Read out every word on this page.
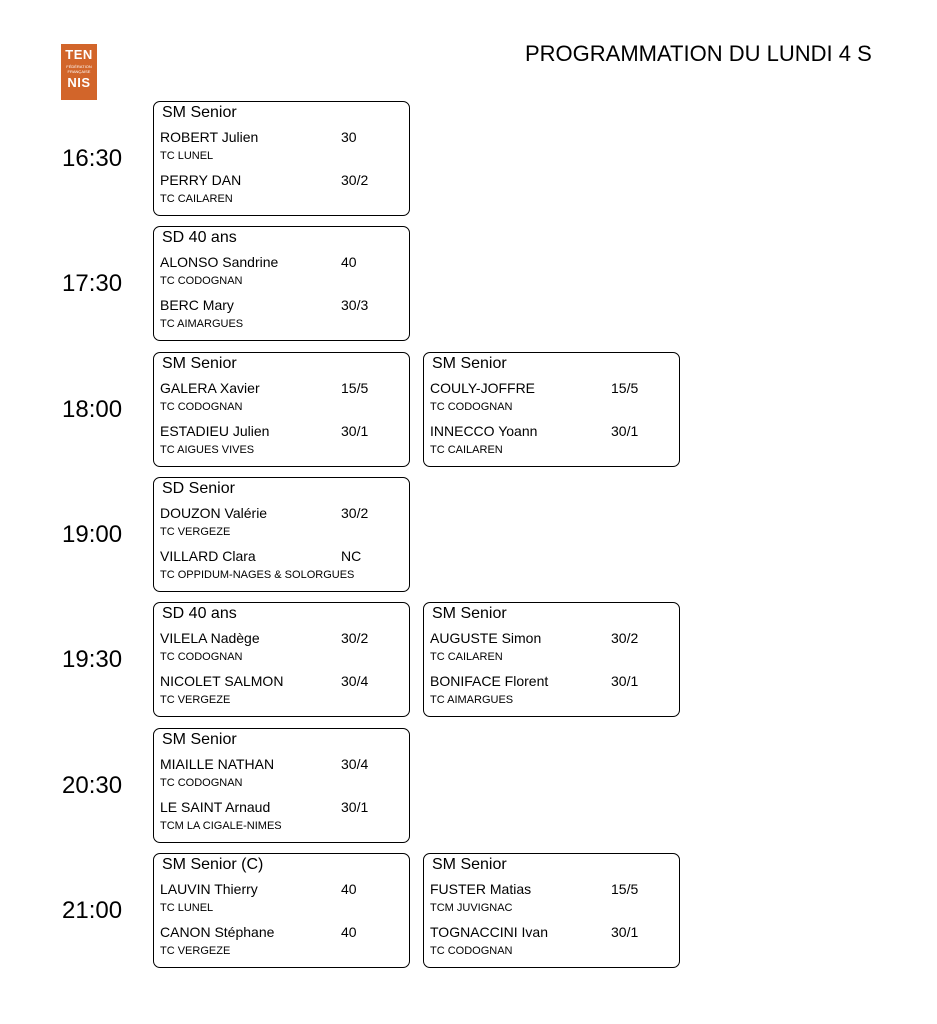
TEN
FÉDÉRATION FRANÇAISE
NIS
PROGRAMMATION DU LUNDI 4 S
16:30
SM Senior
ROBERT Julien	30
TC LUNEL
PERRY DAN	30/2
TC CAILAREN
17:30
SD 40 ans
ALONSO Sandrine	40
TC CODOGNAN
BERC Mary	30/3
TC AIMARGUES
18:00
SM Senior
GALERA Xavier	15/5
TC CODOGNAN
ESTADIEU Julien	30/1
TC AIGUES VIVES
SM Senior
COULY-JOFFRE	15/5
TC CODOGNAN
INNECCO Yoann	30/1
TC CAILAREN
19:00
SD Senior
DOUZON Valérie	30/2
TC VERGEZE
VILLARD Clara	NC
TC OPPIDUM-NAGES & SOLORGUES
19:30
SD 40 ans
VILELA Nadège	30/2
TC CODOGNAN
NICOLET SALMON	30/4
TC VERGEZE
SM Senior
AUGUSTE Simon	30/2
TC CAILAREN
BONIFACE Florent	30/1
TC AIMARGUES
20:30
SM Senior
MIAILLE NATHAN	30/4
TC CODOGNAN
LE SAINT Arnaud	30/1
TCM LA CIGALE-NIMES
21:00
SM Senior (C)
LAUVIN Thierry	40
TC LUNEL
CANON Stéphane	40
TC VERGEZE
SM Senior
FUSTER Matias	15/5
TCM JUVIGNAC
TOGNACCINI Ivan	30/1
TC CODOGNAN
